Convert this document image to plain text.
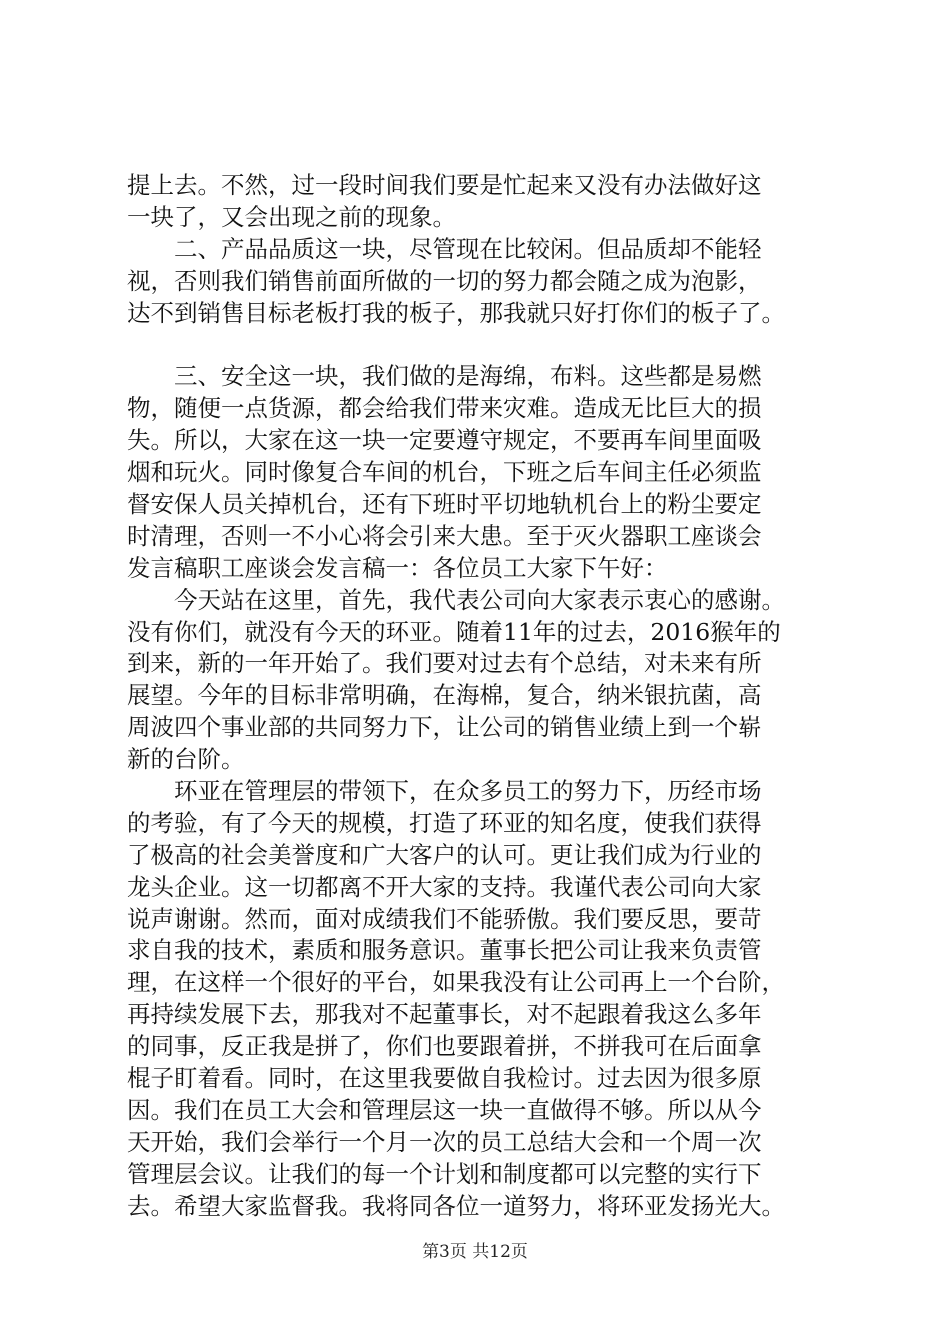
提上去。不然，过一段时间我们要是忙起来又没有办法做好这
一块了，又会出现之前的现象。
二、产品品质这一块，尽管现在比较闲。但品质却不能轻
视，否则我们销售前面所做的一切的努力都会随之成为泡影，
达不到销售目标老板打我的板子，那我就只好打你们的板子了。
三、安全这一块，我们做的是海绵，布料。这些都是易燃
物，随便一点货源，都会给我们带来灾难。造成无比巨大的损
失。所以，大家在这一块一定要遵守规定，不要再车间里面吸
烟和玩火。同时像复合车间的机台，下班之后车间主任必须监
督安保人员关掉机台，还有下班时平切地轨机台上的粉尘要定
时清理，否则一不小心将会引来大患。至于灭火器职工座谈会
发言稿职工座谈会发言稿一：各位员工大家下午好：
今天站在这里，首先，我代表公司向大家表示衷心的感谢。
没有你们，就没有今天的环亚。随着11年的过去，2016猴年的
到来，新的一年开始了。我们要对过去有个总结，对未来有所
展望。今年的目标非常明确，在海棉，复合，纳米银抗菌，高
周波四个事业部的共同努力下，让公司的销售业绩上到一个崭
新的台阶。
环亚在管理层的带领下，在众多员工的努力下，历经市场
的考验，有了今天的规模，打造了环亚的知名度，使我们获得
了极高的社会美誉度和广大客户的认可。更让我们成为行业的
龙头企业。这一切都离不开大家的支持。我谨代表公司向大家
说声谢谢。然而，面对成绩我们不能骄傲。我们要反思，要苛
求自我的技术，素质和服务意识。董事长把公司让我来负责管
理，在这样一个很好的平台，如果我没有让公司再上一个台阶，
再持续发展下去，那我对不起董事长，对不起跟着我这么多年
的同事，反正我是拼了，你们也要跟着拼，不拼我可在后面拿
棍子盯着看。同时，在这里我要做自我检讨。过去因为很多原
因。我们在员工大会和管理层这一块一直做得不够。所以从今
天开始，我们会举行一个月一次的员工总结大会和一个周一次
管理层会议。让我们的每一个计划和制度都可以完整的实行下
去。希望大家监督我。我将同各位一道努力，将环亚发扬光大。
第3页 共12页
